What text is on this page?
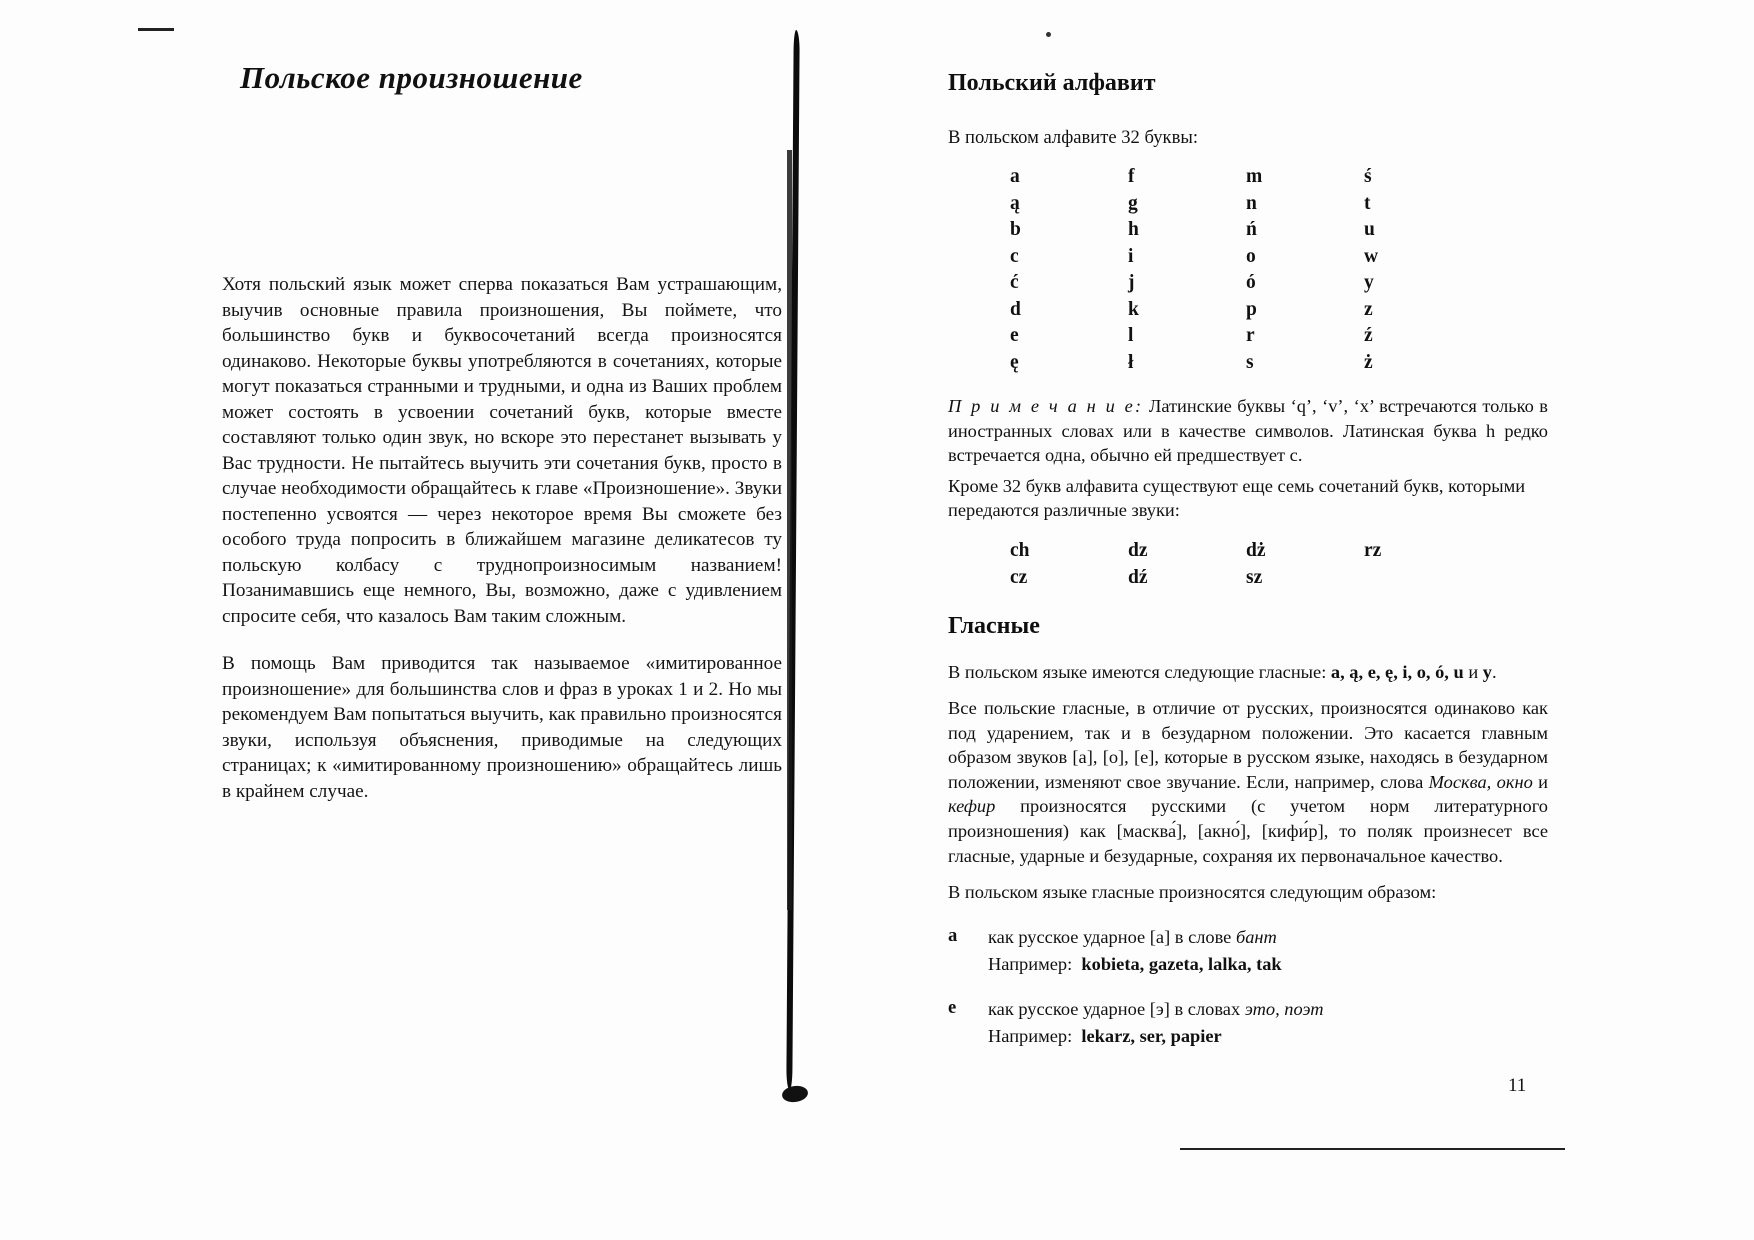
Польское произношение

Хотя польский язык может сперва показаться Вам устрашающим, выучив основные правила произношения, Вы поймете, что большинство букв и буквосочетаний всегда произносятся одинаково. Некоторые буквы употребляются в сочетаниях, которые могут показаться странными и трудными, и одна из Ваших проблем может состоять в усвоении сочетаний букв, которые вместе составляют только один звук, но вскоре это перестанет вызывать у Вас трудности. Не пытайтесь выучить эти сочетания букв, просто в случае необходимости обращайтесь к главе «Произношение». Звуки постепенно усвоятся — через некоторое время Вы сможете без особого труда попросить в ближайшем магазине деликатесов ту польскую колбасу с труднопроизносимым названием! Позанимавшись еще немного, Вы, возможно, даже с удивлением спросите себя, что казалось Вам таким сложным.

В помощь Вам приводится так называемое «имитированное произношение» для большинства слов и фраз в уроках 1 и 2. Но мы рекомендуем Вам попытаться выучить, как правильно произносятся звуки, используя объяснения, приводимые на следующих страницах; к «имитированному произношению» обращайтесь лишь в крайнем случае.

Польский алфавит

В польском алфавите 32 буквы:

a	f	m	ś
ą	g	n	t
b	h	ń	u
c	i	o	w
ć	j	ó	y
d	k	p	z
e	l	r	ź
ę	ł	s	ż

П р и м е ч а н и е: Латинские буквы ‘q’, ‘v’, ‘x’ встречаются только в иностранных словах или в качестве символов. Латинская буква h редко встречается одна, обычно ей предшествует c.

Кроме 32 букв алфавита существуют еще семь сочетаний букв, которыми передаются различные звуки:

ch	dz	dż	rz
cz	dź	sz
Гласные

В польском языке имеются следующие гласные: a, ą, e, ę, i, o, ó, u и y.

Все польские гласные, в отличие от русских, произносятся одинаково как под ударением, так и в безударном положении. Это касается главным образом звуков [а], [о], [е], которые в русском языке, находясь в безударном положении, изменяют свое звучание. Если, например, слова Москва, окно и кефир произносятся русскими (с учетом норм литературного произношения) как [масква́], [акно́], [кифи́р], то поляк произнесет все гласные, ударные и безударные, сохраняя их первоначальное качество.

В польском языке гласные произносятся следующим образом:

a	как русское ударное [а] в слове бант
Например: kobieta, gazeta, lalka, tak
e	как русское ударное [э] в словах это, поэт
Например: lekarz, ser, papier
11
